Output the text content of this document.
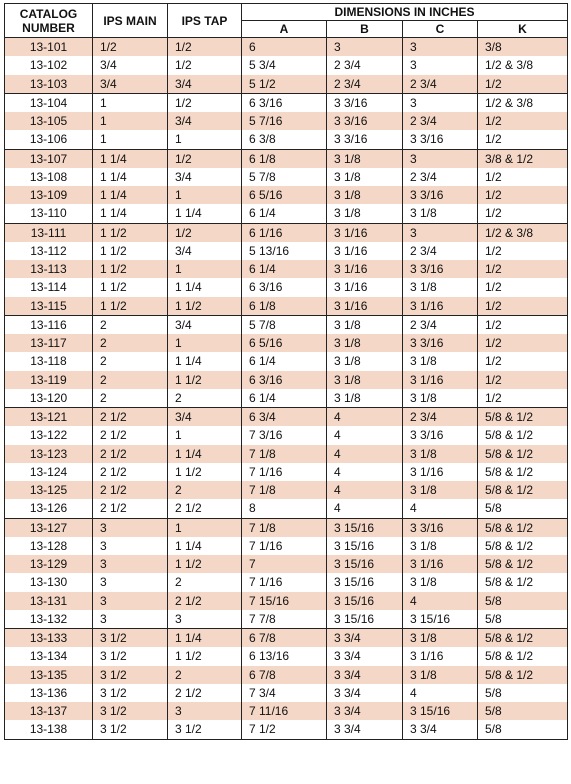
CATALOG NUMBER	IPS MAIN	IPS TAP	DIMENSIONS IN INCHES			
			A	B	C	K
13-101	1/2	1/2	6	3	3	3/8
13-102	3/4	1/2	5 3/4	2 3/4	3	1/2 & 3/8
13-103	3/4	3/4	5 1/2	2 3/4	2 3/4	1/2
13-104	1	1/2	6 3/16	3 3/16	3	1/2 & 3/8
13-105	1	3/4	5 7/16	3 3/16	2 3/4	1/2
13-106	1	1	6 3/8	3 3/16	3 3/16	1/2
13-107	1 1/4	1/2	6 1/8	3 1/8	3	3/8 & 1/2
13-108	1 1/4	3/4	5 7/8	3 1/8	2 3/4	1/2
13-109	1 1/4	1	6 5/16	3 1/8	3 3/16	1/2
13-110	1 1/4	1 1/4	6 1/4	3 1/8	3 1/8	1/2
13-111	1 1/2	1/2	6 1/16	3 1/16	3	1/2 & 3/8
13-112	1 1/2	3/4	5 13/16	3 1/16	2 3/4	1/2
13-113	1 1/2	1	6 1/4	3 1/16	3 3/16	1/2
13-114	1 1/2	1 1/4	6 3/16	3 1/16	3 1/8	1/2
13-115	1 1/2	1 1/2	6 1/8	3 1/16	3 1/16	1/2
13-116	2	3/4	5 7/8	3 1/8	2 3/4	1/2
13-117	2	1	6 5/16	3 1/8	3 3/16	1/2
13-118	2	1 1/4	6 1/4	3 1/8	3 1/8	1/2
13-119	2	1 1/2	6 3/16	3 1/8	3 1/16	1/2
13-120	2	2	6 1/4	3 1/8	3 1/8	1/2
13-121	2 1/2	3/4	6 3/4	4	2 3/4	5/8 & 1/2
13-122	2 1/2	1	7 3/16	4	3 3/16	5/8 & 1/2
13-123	2 1/2	1 1/4	7 1/8	4	3 1/8	5/8 & 1/2
13-124	2 1/2	1 1/2	7 1/16	4	3 1/16	5/8 & 1/2
13-125	2 1/2	2	7 1/8	4	3 1/8	5/8 & 1/2
13-126	2 1/2	2 1/2	8	4	4	5/8
13-127	3	1	7 1/8	3 15/16	3 3/16	5/8 & 1/2
13-128	3	1 1/4	7 1/16	3 15/16	3 1/8	5/8 & 1/2
13-129	3	1 1/2	7	3 15/16	3 1/16	5/8 & 1/2
13-130	3	2	7 1/16	3 15/16	3 1/8	5/8 & 1/2
13-131	3	2 1/2	7 15/16	3 15/16	4	5/8
13-132	3	3	7 7/8	3 15/16	3 15/16	5/8
13-133	3 1/2	1 1/4	6 7/8	3 3/4	3 1/8	5/8 & 1/2
13-134	3 1/2	1 1/2	6 13/16	3 3/4	3 1/16	5/8 & 1/2
13-135	3 1/2	2	6 7/8	3 3/4	3 1/8	5/8 & 1/2
13-136	3 1/2	2 1/2	7 3/4	3 3/4	4	5/8
13-137	3 1/2	3	7 11/16	3 3/4	3 15/16	5/8
13-138	3 1/2	3 1/2	7 1/2	3 3/4	3 3/4	5/8
